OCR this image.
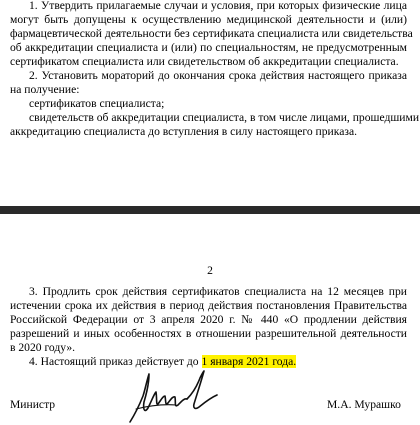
1. Утвердить прилагаемые случаи и условия, при которых физические лица
могут быть допущены к осуществлению медицинской деятельности и (или)
фармацевтической деятельности без сертификата специалиста или свидетельства
об аккредитации специалиста и (или) по специальностям, не предусмотренным
сертификатом специалиста или свидетельством об аккредитации специалиста.
2. Установить мораторий до окончания срока действия настоящего приказа
на получение:
сертификатов специалиста;
свидетельств об аккредитации специалиста, в том числе лицами, прошедшими
аккредитацию специалиста до вступления в силу настоящего приказа.
2
3. Продлить срок действия сертификатов специалиста на 12 месяцев при
истечении срока их действия в период действия постановления Правительства
Российской Федерации от 3 апреля 2020 г. № 440 «О продлении действия
разрешений и иных особенностях в отношении разрешительной деятельности
в 2020 году».
4. Настоящий приказ действует до 1 января 2021 года.
Министр	М.А. Мурашко
